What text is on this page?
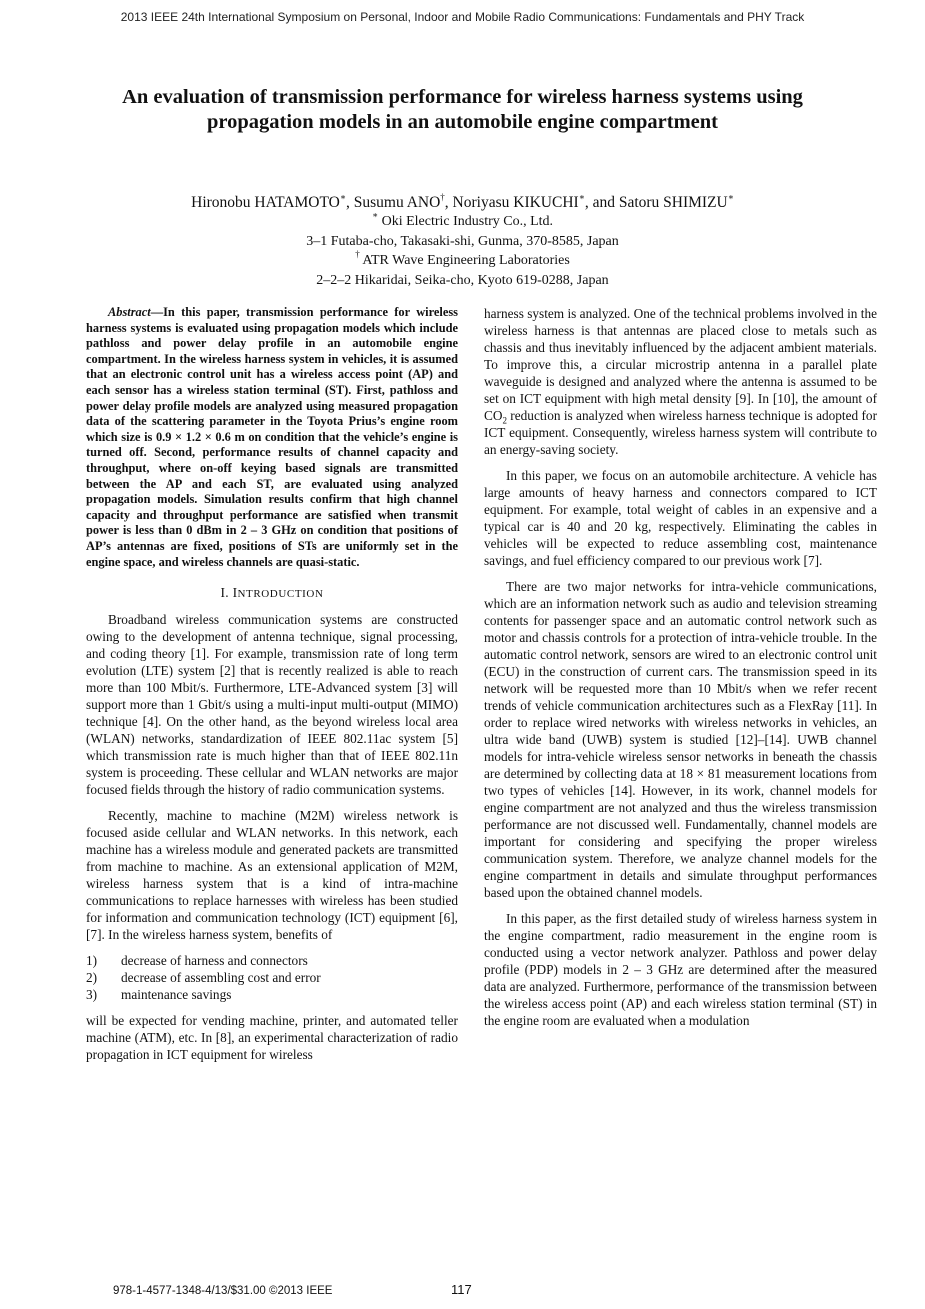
2013 IEEE 24th International Symposium on Personal, Indoor and Mobile Radio Communications: Fundamentals and PHY Track
An evaluation of transmission performance for wireless harness systems using propagation models in an automobile engine compartment
Hironobu HATAMOTO∗, Susumu ANO†, Noriyasu KIKUCHI∗, and Satoru SHIMIZU∗
∗ Oki Electric Industry Co., Ltd.
3–1 Futaba-cho, Takasaki-shi, Gunma, 370-8585, Japan
† ATR Wave Engineering Laboratories
2–2–2 Hikaridai, Seika-cho, Kyoto 619-0288, Japan

Abstract—In this paper, transmission performance for wireless harness systems is evaluated using propagation models which include pathloss and power delay profile in an automobile engine compartment. In the wireless harness system in vehicles, it is assumed that an electronic control unit has a wireless access point (AP) and each sensor has a wireless station terminal (ST). First, pathloss and power delay profile models are analyzed using measured propagation data of the scattering parameter in the Toyota Prius’s engine room which size is 0.9 × 1.2 × 0.6 m on condition that the vehicle’s engine is turned off. Second, performance results of channel capacity and throughput, where on-off keying based signals are transmitted between the AP and each ST, are evaluated using analyzed propagation models. Simulation results confirm that high channel capacity and throughput performance are satisfied when transmit power is less than 0 dBm in 2 – 3 GHz on condition that positions of AP’s antennas are fixed, positions of STs are uniformly set in the engine space, and wireless channels are quasi-static.

I. INTRODUCTION

Broadband wireless communication systems are constructed owing to the development of antenna technique, signal processing, and coding theory [1]. For example, transmission rate of long term evolution (LTE) system [2] that is recently realized is able to reach more than 100 Mbit/s. Furthermore, LTE-Advanced system [3] will support more than 1 Gbit/s using a multi-input multi-output (MIMO) technique [4]. On the other hand, as the beyond wireless local area (WLAN) networks, standardization of IEEE 802.11ac system [5] which transmission rate is much higher than that of IEEE 802.11n system is proceeding. These cellular and WLAN networks are major focused fields through the history of radio communication systems.

Recently, machine to machine (M2M) wireless network is focused aside cellular and WLAN networks. In this network, each machine has a wireless module and generated packets are transmitted from machine to machine. As an extensional application of M2M, wireless harness system that is a kind of intra-machine communications to replace harnesses with wireless has been studied for information and communication technology (ICT) equipment [6], [7]. In the wireless harness system, benefits of

1)	decrease of harness and connectors
2)	decrease of assembling cost and error
3)	maintenance savings

will be expected for vending machine, printer, and automated teller machine (ATM), etc. In [8], an experimental characterization of radio propagation in ICT equipment for wireless

harness system is analyzed. One of the technical problems involved in the wireless harness is that antennas are placed close to metals such as chassis and thus inevitably influenced by the adjacent ambient materials. To improve this, a circular microstrip antenna in a parallel plate waveguide is designed and analyzed where the antenna is assumed to be set on ICT equipment with high metal density [9]. In [10], the amount of $CO_2$ reduction is analyzed when wireless harness technique is adopted for ICT equipment. Consequently, wireless harness system will contribute to an energy-saving society.

In this paper, we focus on an automobile architecture. A vehicle has large amounts of heavy harness and connectors compared to ICT equipment. For example, total weight of cables in an expensive and a typical car is 40 and 20 kg, respectively. Eliminating the cables in vehicles will be expected to reduce assembling cost, maintenance savings, and fuel efficiency compared to our previous work [7].

There are two major networks for intra-vehicle communications, which are an information network such as audio and television streaming contents for passenger space and an automatic control network such as motor and chassis controls for a protection of intra-vehicle trouble. In the automatic control network, sensors are wired to an electronic control unit (ECU) in the construction of current cars. The transmission speed in its network will be requested more than 10 Mbit/s when we refer recent trends of vehicle communication architectures such as a FlexRay [11]. In order to replace wired networks with wireless networks in vehicles, an ultra wide band (UWB) system is studied [12]–[14]. UWB channel models for intra-vehicle wireless sensor networks in beneath the chassis are determined by collecting data at 18 × 81 measurement locations from two types of vehicles [14]. However, in its work, channel models for engine compartment are not analyzed and thus the wireless transmission performance are not discussed well. Fundamentally, channel models are important for considering and specifying the proper wireless communication system. Therefore, we analyze channel models for the engine compartment in details and simulate throughput performances based upon the obtained channel models.

In this paper, as the first detailed study of wireless harness system in the engine compartment, radio measurement in the engine room is conducted using a vector network analyzer. Pathloss and power delay profile (PDP) models in 2 – 3 GHz are determined after the measured data are analyzed. Furthermore, performance of the transmission between the wireless access point (AP) and each wireless station terminal (ST) in the engine room are evaluated when a modulation

978-1-4577-1348-4/13/$31.00 ©2013 IEEE	117
